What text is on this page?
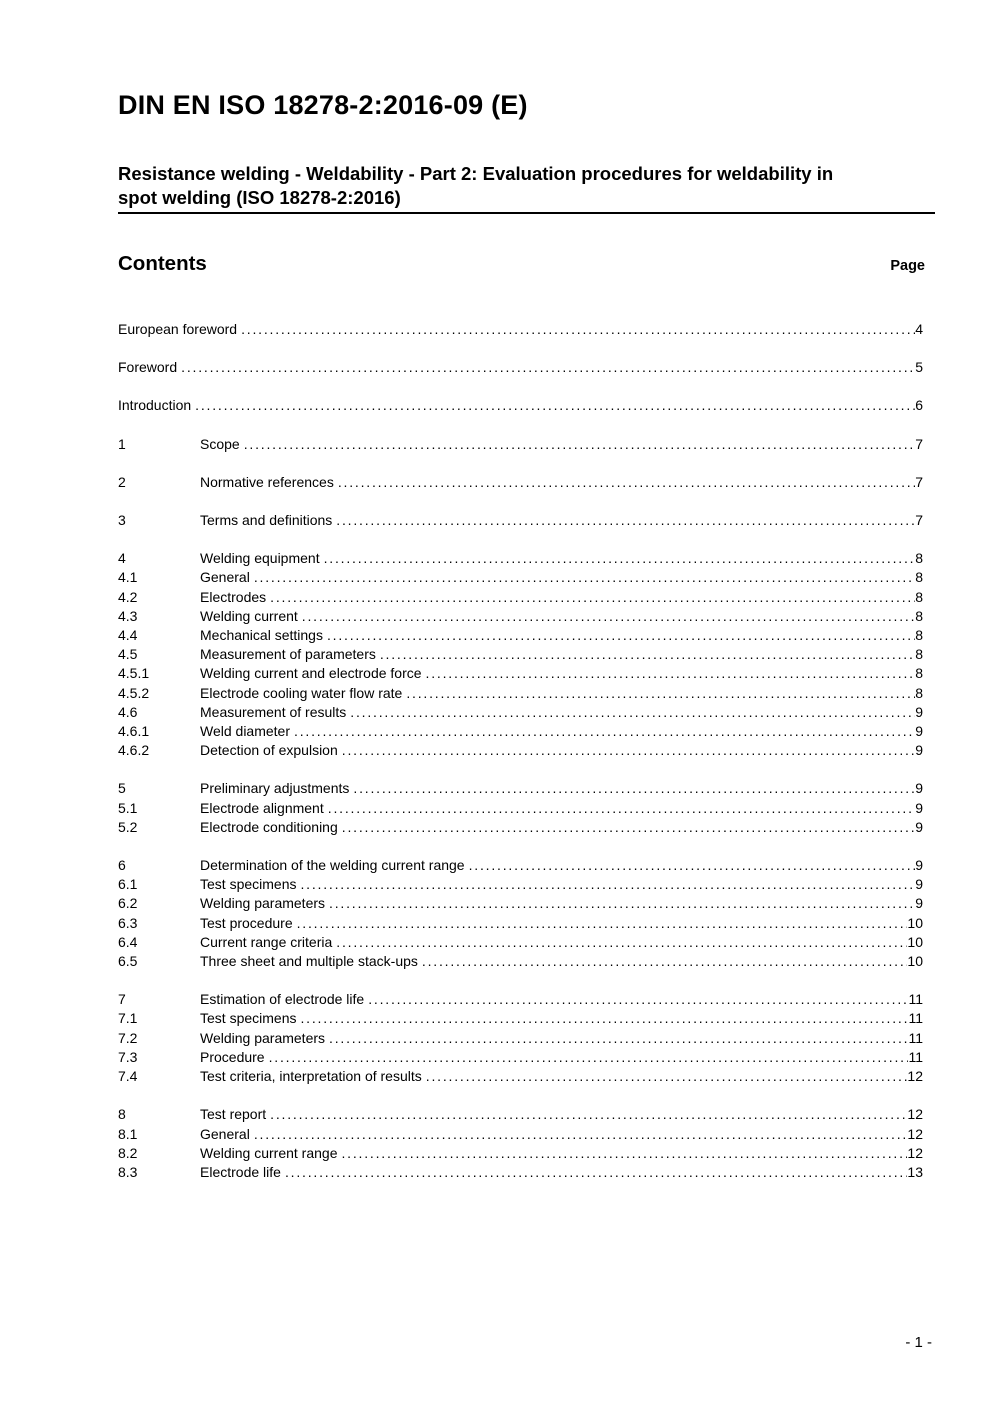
DIN EN ISO 18278-2:2016-09 (E)
Resistance welding - Weldability - Part 2: Evaluation procedures for weldability in
spot welding (ISO 18278-2:2016)
Contents	Page
European foreword .....	4
Foreword .....	5
Introduction .....	6
1	Scope .....	7
2	Normative references .....	7
3	Terms and definitions .....	7
4	Welding equipment .....	8
4.1	General .....	8
4.2	Electrodes .....	8
4.3	Welding current .....	8
4.4	Mechanical settings .....	8
4.5	Measurement of parameters .....	8
4.5.1	Welding current and electrode force .....	8
4.5.2	Electrode cooling water flow rate .....	8
4.6	Measurement of results .....	9
4.6.1	Weld diameter .....	9
4.6.2	Detection of expulsion .....	9
5	Preliminary adjustments .....	9
5.1	Electrode alignment .....	9
5.2	Electrode conditioning .....	9
6	Determination of the welding current range .....	9
6.1	Test specimens .....	9
6.2	Welding parameters .....	9
6.3	Test procedure .....	10
6.4	Current range criteria .....	10
6.5	Three sheet and multiple stack-ups .....	10
7	Estimation of electrode life .....	11
7.1	Test specimens .....	11
7.2	Welding parameters .....	11
7.3	Procedure .....	11
7.4	Test criteria, interpretation of results .....	12
8	Test report .....	12
8.1	General .....	12
8.2	Welding current range .....	12
8.3	Electrode life .....	13
- 1 -
